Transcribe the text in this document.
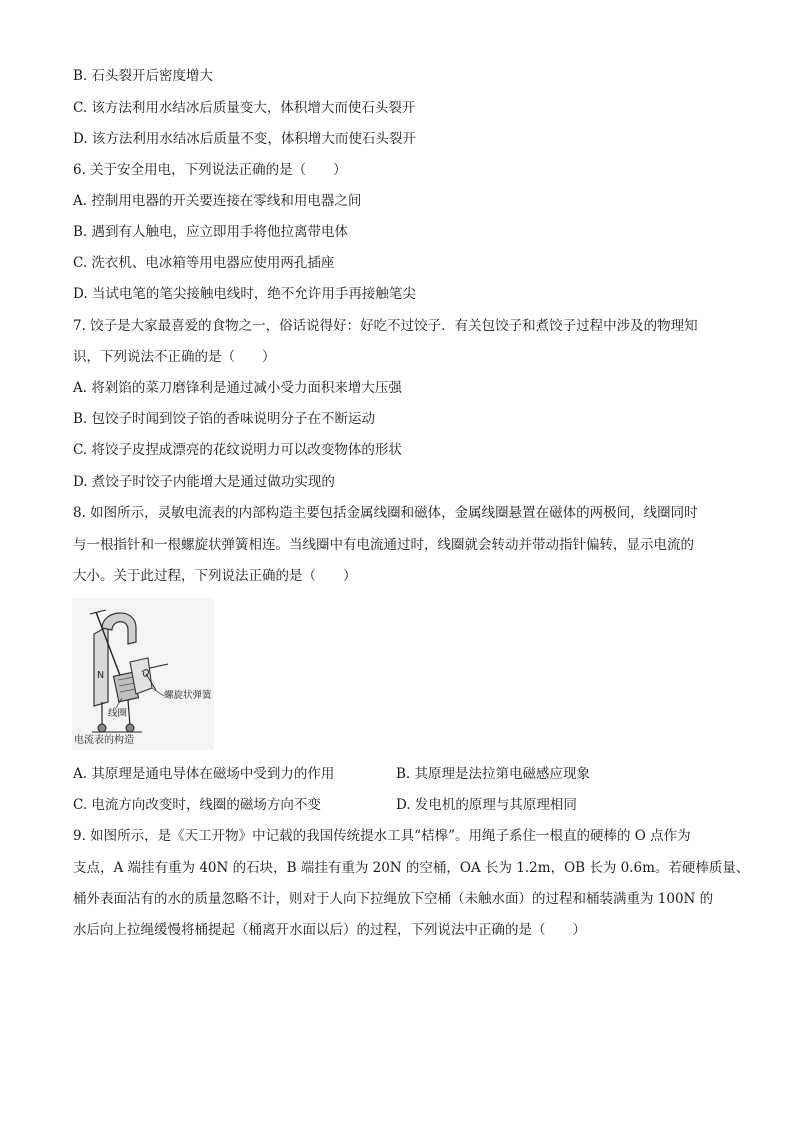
B. 石头裂开后密度增大
C. 该方法利用水结冰后质量变大，体积增大而使石头裂开
D. 该方法利用水结冰后质量不变，体积增大而使石头裂开
6. 关于安全用电，下列说法正确的是（　　）
A. 控制用电器的开关要连接在零线和用电器之间
B. 遇到有人触电，应立即用手将他拉离带电体
C. 洗衣机、电冰箱等用电器应使用两孔插座
D. 当试电笔的笔尖接触电线时，绝不允许用手再接触笔尖
7. 饺子是大家最喜爱的食物之一，俗话说得好：好吃不过饺子．有关包饺子和煮饺子过程中涉及的物理知
识，下列说法不正确的是（　　）
A. 将剁馅的菜刀磨锋利是通过减小受力面积来增大压强
B. 包饺子时闻到饺子馅的香味说明分子在不断运动
C. 将饺子皮捏成漂亮的花纹说明力可以改变物体的形状
D. 煮饺子时饺子内能增大是通过做功实现的
8. 如图所示，灵敏电流表的内部构造主要包括金属线圈和磁体，金属线圈悬置在磁体的两极间，线圈同时
与一根指针和一根螺旋状弹簧相连。当线圈中有电流通过时，线圈就会转动并带动指针偏转，显示电流的
大小。关于此过程，下列说法正确的是（　　）
N
螺旋状弹簧
线圈
电流表的构造
A. 其原理是通电导体在磁场中受到力的作用	B. 其原理是法拉第电磁感应现象
C. 电流方向改变时，线圈的磁场方向不变	D. 发电机的原理与其原理相同
9. 如图所示，是《天工开物》中记载的我国传统提水工具“桔槔”。用绳子系住一根直的硬棒的 O 点作为
支点，A 端挂有重为 40N 的石块，B 端挂有重为 20N 的空桶，OA 长为 1.2m，OB 长为 0.6m。若硬棒质量、
桶外表面沾有的水的质量忽略不计，则对于人向下拉绳放下空桶（未触水面）的过程和桶装满重为 100N 的
水后向上拉绳缓慢将桶提起（桶离开水面以后）的过程，下列说法中正确的是（　　）
